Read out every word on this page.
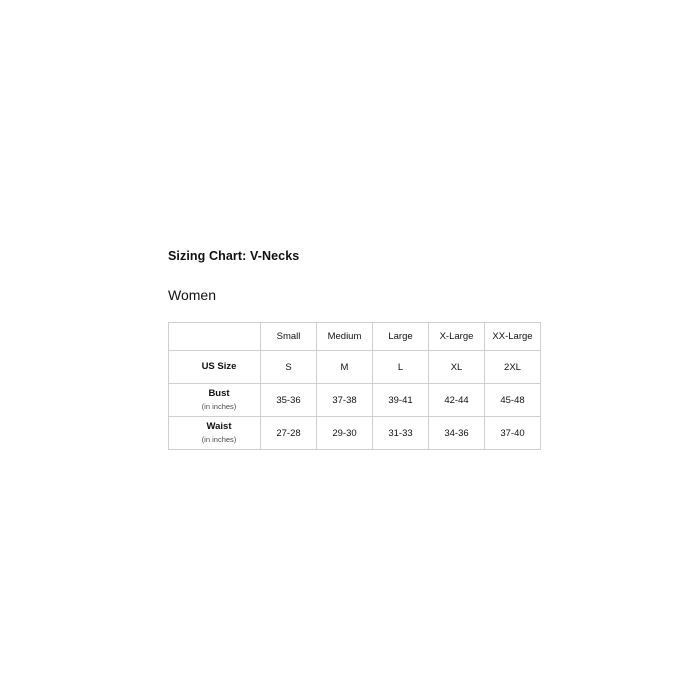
Sizing Chart: V-Necks
Women
	Small	Medium	Large	X-Large	XX-Large

US Size	S	M	L	XL	2XL

Bust
(in inches)	35-36	37-38	39-41	42-44	45-48

Waist
(in inches)	27-28	29-30	31-33	34-36	37-40
